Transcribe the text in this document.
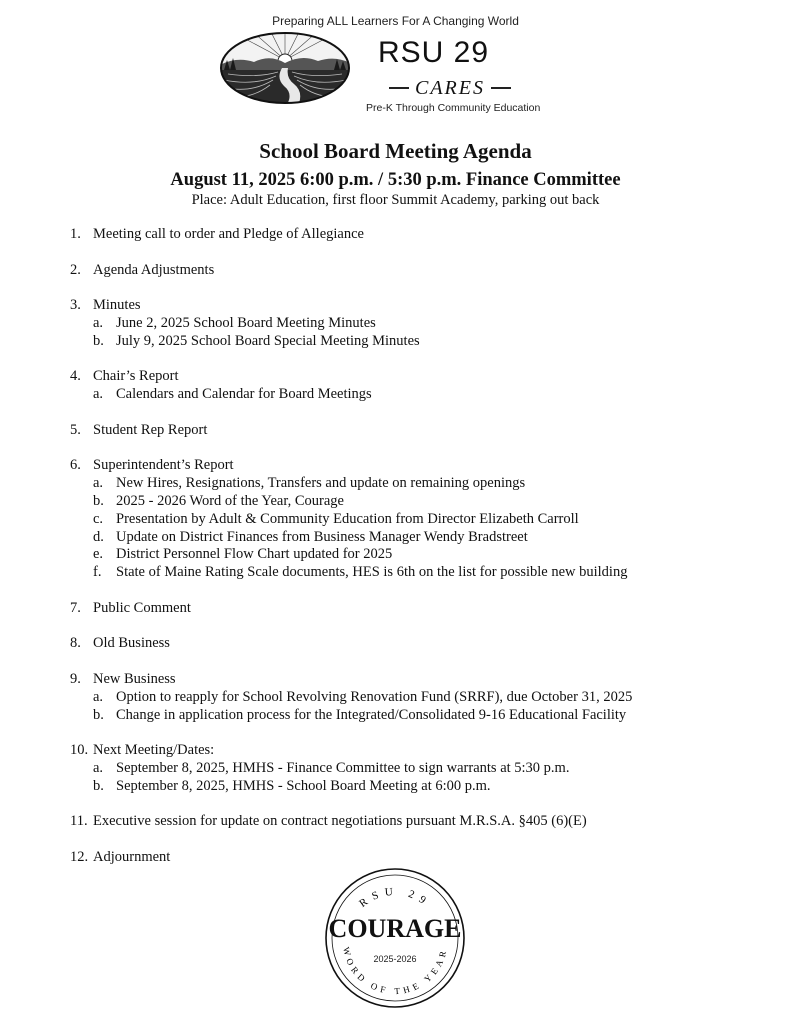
Preparing ALL Learners For A Changing World
RSU 29
CARES
Pre-K Through Community Education
School Board Meeting Agenda
August 11, 2025 6:00 p.m. / 5:30 p.m. Finance Committee
Place: Adult Education, first floor Summit Academy, parking out back
1. Meeting call to order and Pledge of Allegiance
2. Agenda Adjustments
3. Minutes
a. June 2, 2025 School Board Meeting Minutes
b. July 9, 2025 School Board Special Meeting Minutes
4. Chair’s Report
a. Calendars and Calendar for Board Meetings
5. Student Rep Report
6. Superintendent’s Report
a. New Hires, Resignations, Transfers and update on remaining openings
b. 2025 - 2026 Word of the Year, Courage
c. Presentation by Adult & Community Education from Director Elizabeth Carroll
d. Update on District Finances from Business Manager Wendy Bradstreet
e. District Personnel Flow Chart updated for 2025
f.	State of Maine Rating Scale documents, HES is 6th on the list for possible new building
7. Public Comment
8. Old Business
9. New Business
a. Option to reapply for School Revolving Renovation Fund (SRRF), due October 31, 2025
b. Change in application process for the Integrated/Consolidated 9-16 Educational Facility
10. Next Meeting/Dates:
a. September 8, 2025, HMHS - Finance Committee to sign warrants at 5:30 p.m.
b. September 8, 2025, HMHS - School Board Meeting at 6:00 p.m.
11. Executive session for update on contract negotiations pursuant M.R.S.A. §405 (6)(E)
12. Adjournment
RSU 29
COURAGE
2025-2026
WORD OF THE YEAR
